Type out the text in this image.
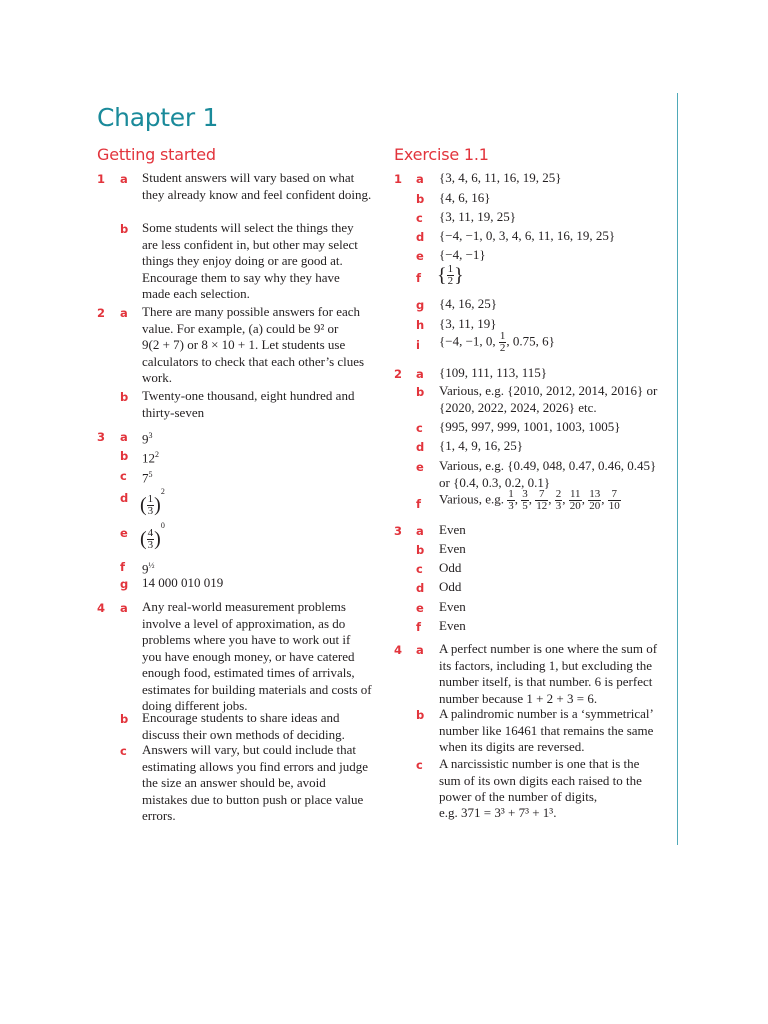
Chapter 1
Getting started	Exercise 1.1
1 a Student answers will vary based on what they already know and feel confident doing.

b Some students will select the things they are less confident in, but other may select things they enjoy doing or are good at. Encourage them to say why they have made each selection.

2 a There are many possible answers for each value. For example, (a) could be 9² or

9(2 + 7) or 8 × 10 + 1. Let students use calculators to check that each other’s clues work.

b Twenty-one thousand, eight hundred and thirty-seven

3 a $9^3$
b $12^2$
c $7^5$
d ( $\frac{1}{3} )^2$
e ( $\frac{4}{3} )^0$
f $9^{\frac{1}{2}}$
g 14 000 010 019
4 a Any real-world measurement problems involve a level of approximation, as do problems where you have to work out if you have enough money, or have catered enough food, estimated times of arrivals, estimates for building materials and costs of doing different jobs.

b Encourage students to share ideas and discuss their own methods of deciding.

c Answers will vary, but could include that estimating allows you find errors and judge the size an answer should be, avoid mistakes due to button push or place value errors.

1 a {3, 4, 6, 11, 16, 19, 25}
b {4, 6, 16}
c {3, 11, 19, 25}
d {−4, −1, 0, 3, 4, 6, 11, 16, 19, 25}
e {−4, −1}
f { $\frac{1}{2}$ }
g {4, 16, 25}
h {3, 11, 19}
i {−4, −1, 0, $\frac{1}{2}$ , 0.75, 6}
2 a {109, 111, 113, 115}
b Various, e.g. {2010, 2012, 2014, 2016} or {2020, 2022, 2024, 2026} etc.

c {995, 997, 999, 1001, 1003, 1005}
d {1, 4, 9, 16, 25}
e Various, e.g. {0.49, 048, 0.47, 0.46, 0.45} or {0.4, 0.3, 0.2, 0.1}

f Various, e.g. $\frac{1}{3}$ , $\frac{3}{5}$ , $\frac{7}{12}$ , $\frac{2}{3}$ , $\frac{11}{20}$ , $\frac{13}{20}$ , $\frac{7}{10}$
3 a Even
b Even
c Odd
d Odd
e Even
f Even
4 a A perfect number is one where the sum of its factors, including 1, but excluding the number itself, is that number. 6 is perfect number because 1 + 2 + 3 = 6.

b A palindromic number is a ‘symmetrical’ number like 16461 that remains the same when its digits are reversed.

c A narcissistic number is one that is the sum of its own digits each raised to the power of the number of digits,

e.g. 371 = 3³ + 7³ + 1³.
